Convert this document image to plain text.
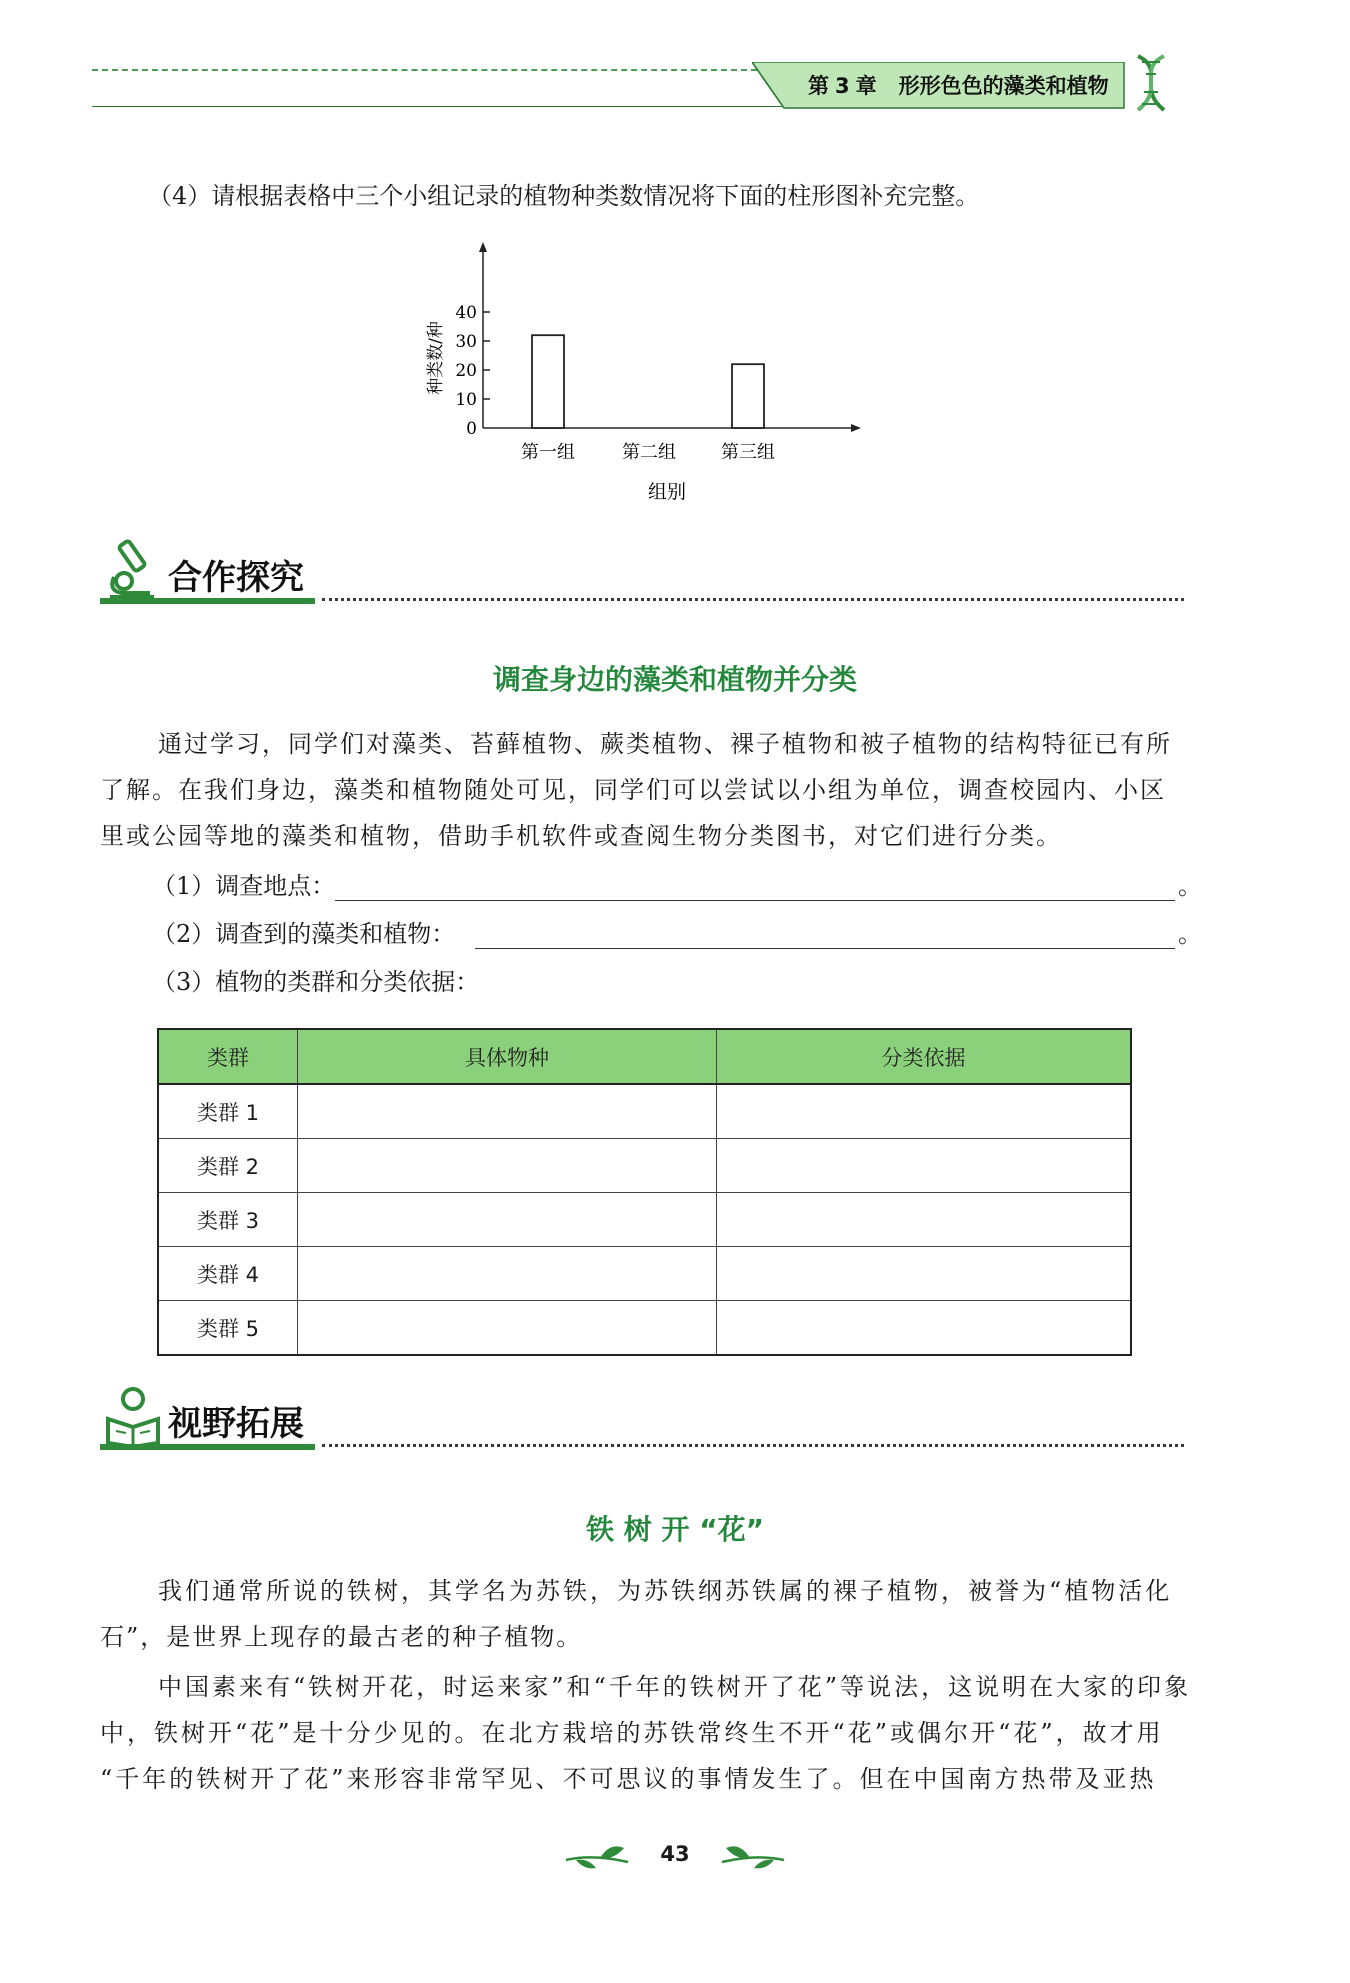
第 3 章 形形色色的藻类和植物
（4）请根据表格中三个小组记录的植物种类数情况将下面的柱形图补充完整。
0
10
20
30
40
第一组	第二组	第三组
种类数/种
组别
合作探究
调查身边的藻类和植物并分类
通过学习，同学们对藻类、苔藓植物、蕨类植物、裸子植物和被子植物的结构特征已有所
了解。在我们身边，藻类和植物随处可见，同学们可以尝试以小组为单位，调查校园内、小区
里或公园等地的藻类和植物，借助手机软件或查阅生物分类图书，对它们进行分类。
（1）调查地点：	。
（2）调查到的藻类和植物：	。
（3）植物的类群和分类依据：
类群	具体物种	分类依据
类群 1		
类群 2		
类群 3		
类群 4		
类群 5		
视野拓展
铁 树 开 “花”
我们通常所说的铁树，其学名为苏铁，为苏铁纲苏铁属的裸子植物，被誉为“植物活化
石”，是世界上现存的最古老的种子植物。
中国素来有“铁树开花，时运来家”和“千年的铁树开了花”等说法，这说明在大家的印象
中，铁树开“花”是十分少见的。在北方栽培的苏铁常终生不开“花”或偶尔开“花”，故才用
“千年的铁树开了花”来形容非常罕见、不可思议的事情发生了。但在中国南方热带及亚热
43
